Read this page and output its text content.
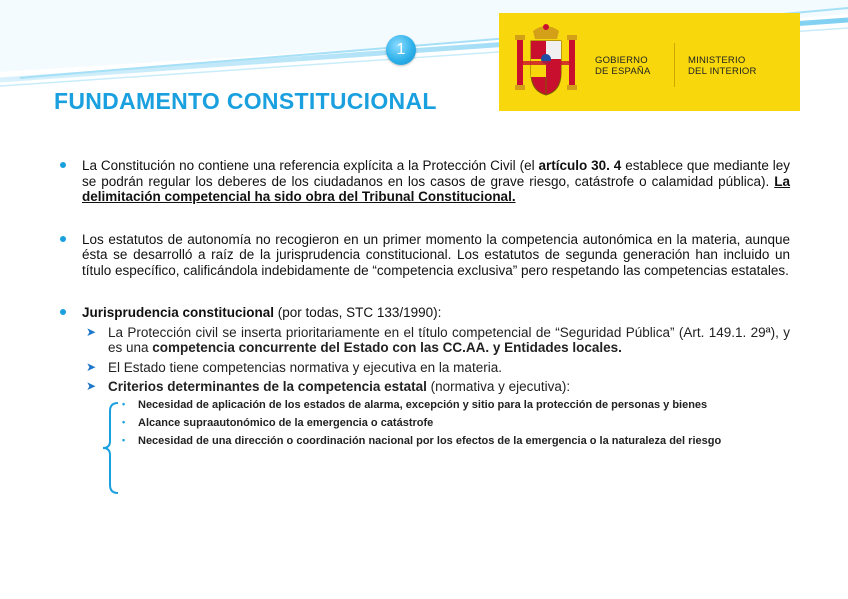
1
GOBIERNO
DE ESPAÑA
MINISTERIO
DEL INTERIOR
FUNDAMENTO CONSTITUCIONAL
La Constitución no contiene una referencia explícita a la Protección Civil (el artículo 30. 4 establece que mediante ley se podrán regular los deberes de los ciudadanos en los casos de grave riesgo, catástrofe o calamidad pública). La delimitación competencial ha sido obra del Tribunal Constitucional.
Los estatutos de autonomía no recogieron en un primer momento la competencia autonómica en la materia, aunque ésta se desarrolló a raíz de la jurisprudencia constitucional. Los estatutos de segunda generación han incluido un título específico, calificándola indebidamente de “competencia exclusiva” pero respetando las competencias estatales.
Jurisprudencia constitucional (por todas, STC 133/1990):
➤ La Protección civil se inserta prioritariamente en el título competencial de “Seguridad Pública” (Art. 149.1. 29ª), y es una competencia concurrente del Estado con las CC.AA. y Entidades locales.
➤ El Estado tiene competencias normativa y ejecutiva en la materia.
➤ Criterios determinantes de la competencia estatal (normativa y ejecutiva):
• Necesidad de aplicación de los estados de alarma, excepción y sitio para la protección de personas y bienes
• Alcance supraautonómico de la emergencia o catástrofe
• Necesidad de una dirección o coordinación nacional por los efectos de la emergencia o la naturaleza del riesgo
